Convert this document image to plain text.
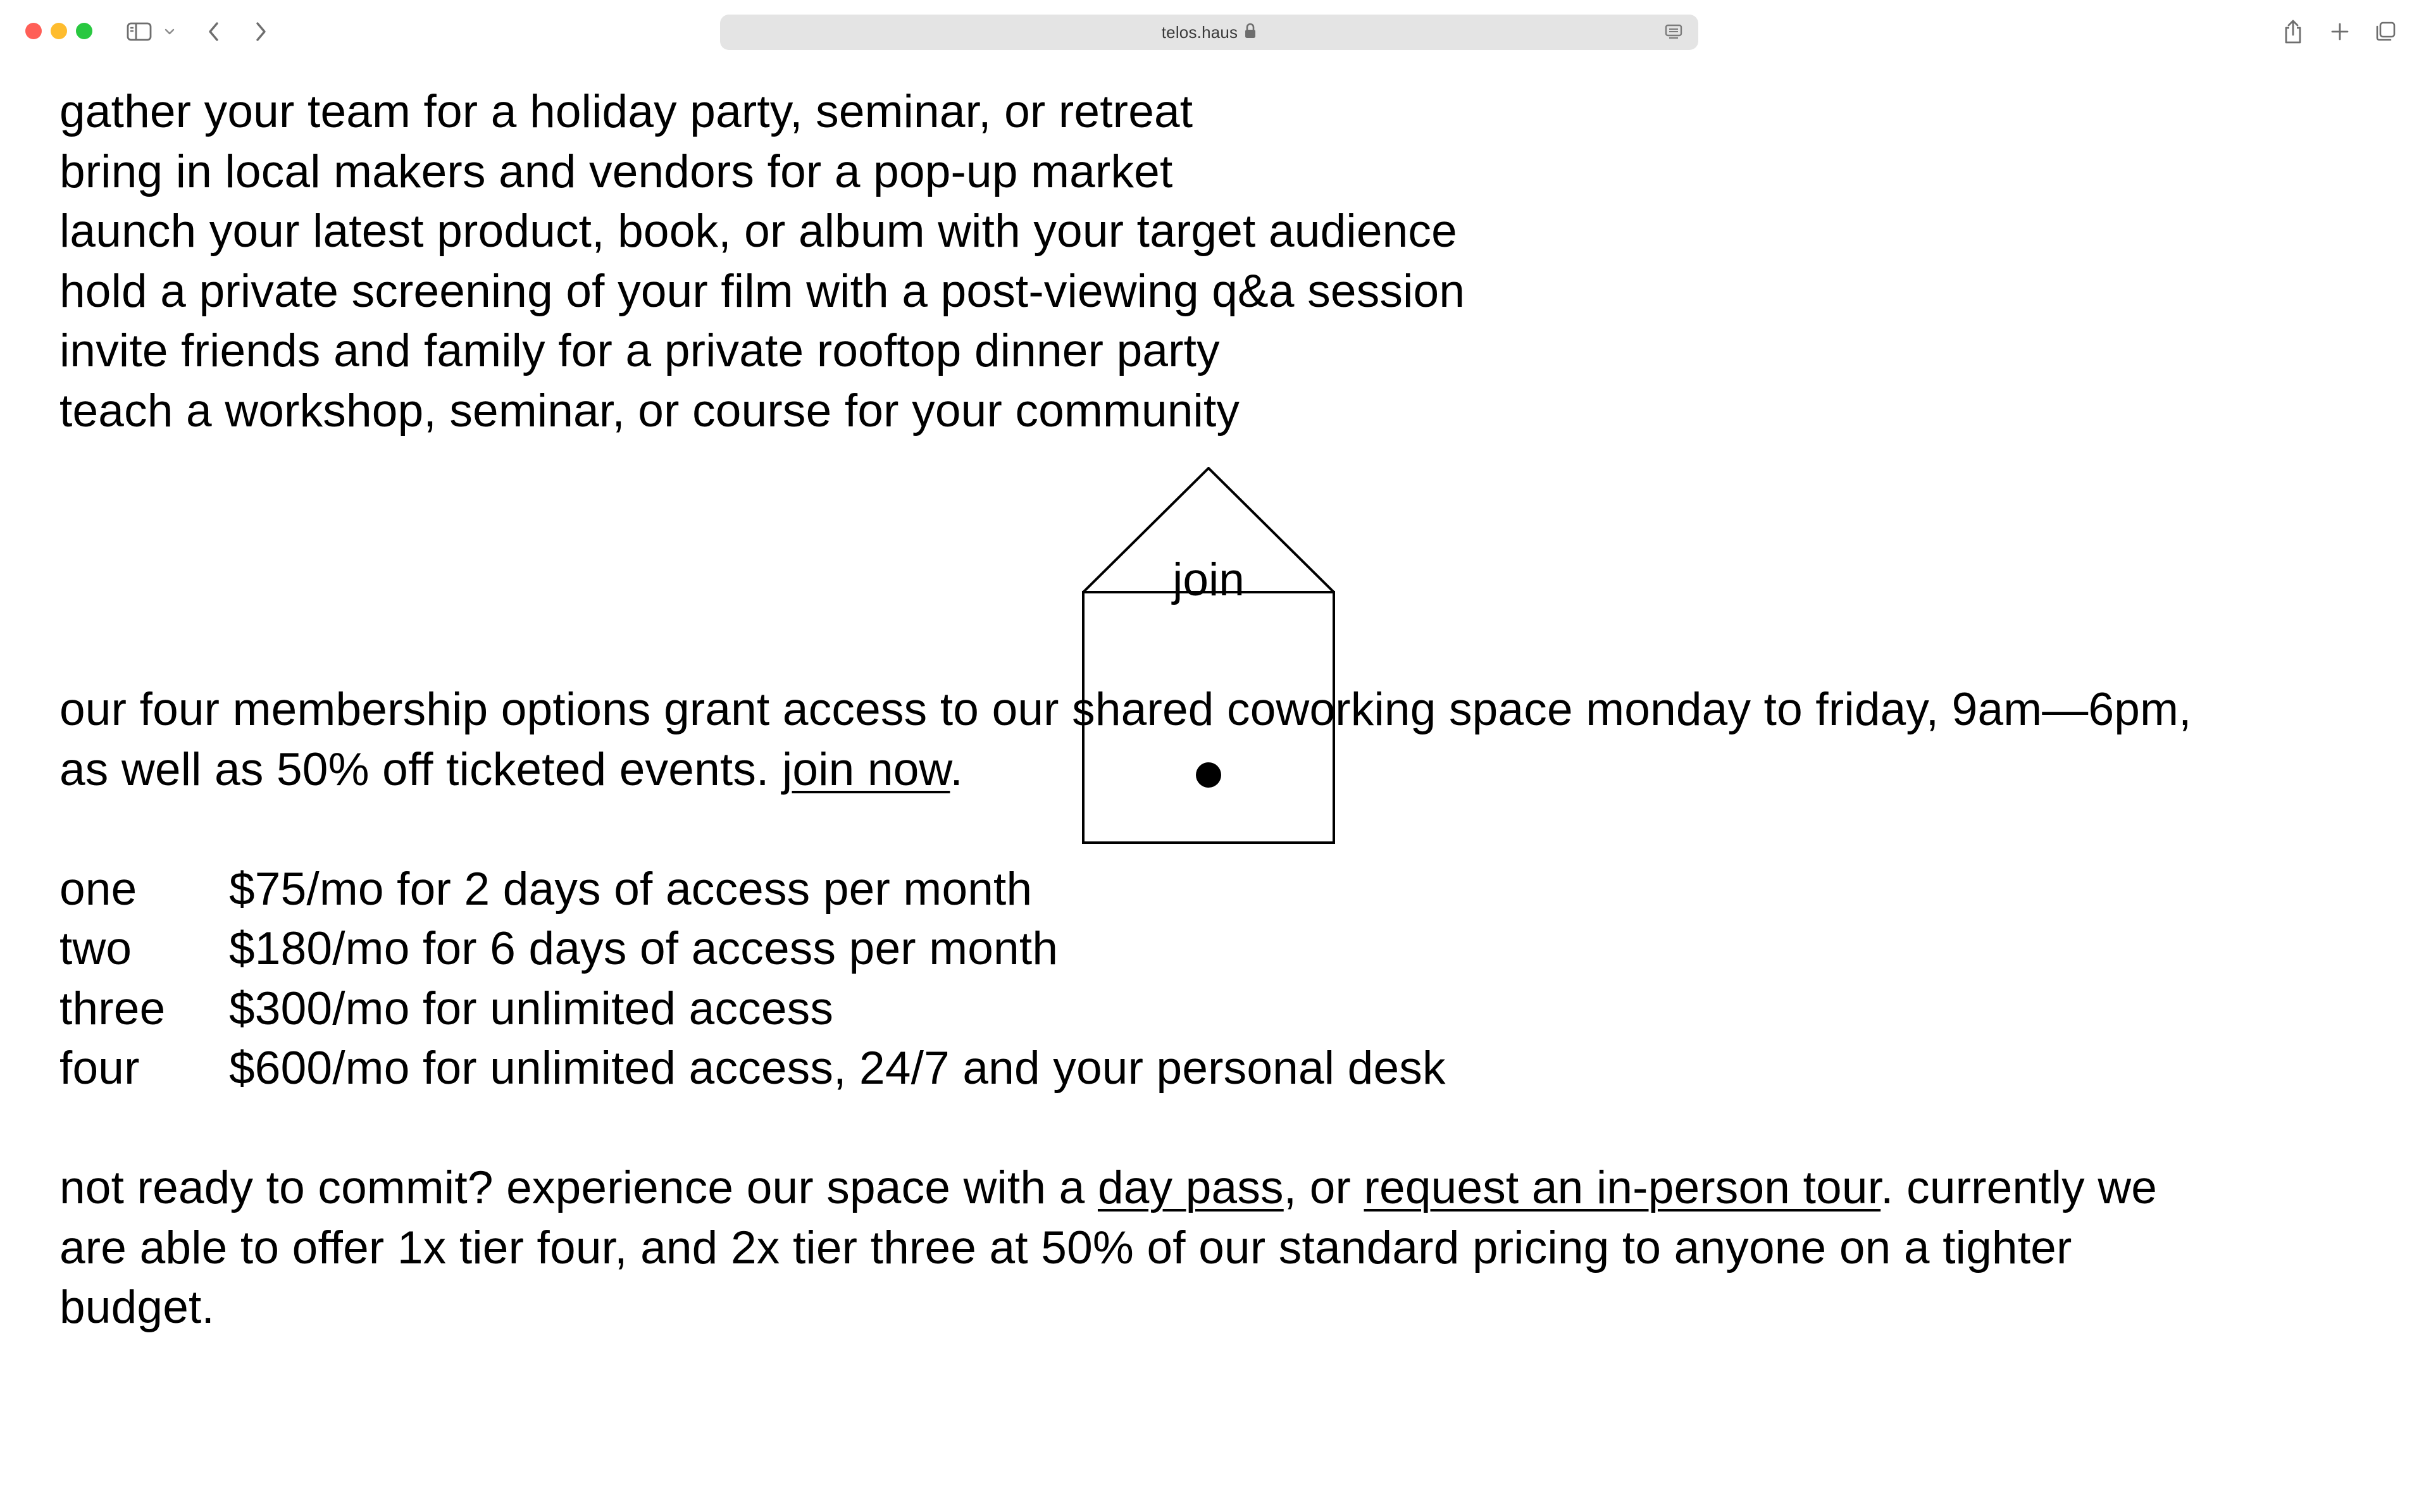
telos.haus

gather your team for a holiday party, seminar, or retreat

bring in local makers and vendors for a pop-up market

launch your latest product, book, or album with your target audience

hold a private screening of your film with a post-viewing q&a session

invite friends and family for a private rooftop dinner party

teach a workshop, seminar, or course for your community

our four membership options grant access to our shared coworking space monday to friday, 9am—6pm,

as well as 50% off ticketed events. join now.

one	$75/mo for 2 days of access per month
two	$180/mo for 6 days of access per month
three	$300/mo for unlimited access
four	$600/mo for unlimited access, 24/7 and your personal desk

not ready to commit? experience our space with a day pass, or request an in-person tour. currently we

are able to offer 1x tier four, and 2x tier three at 50% of our standard pricing to anyone on a tighter

budget.

join
